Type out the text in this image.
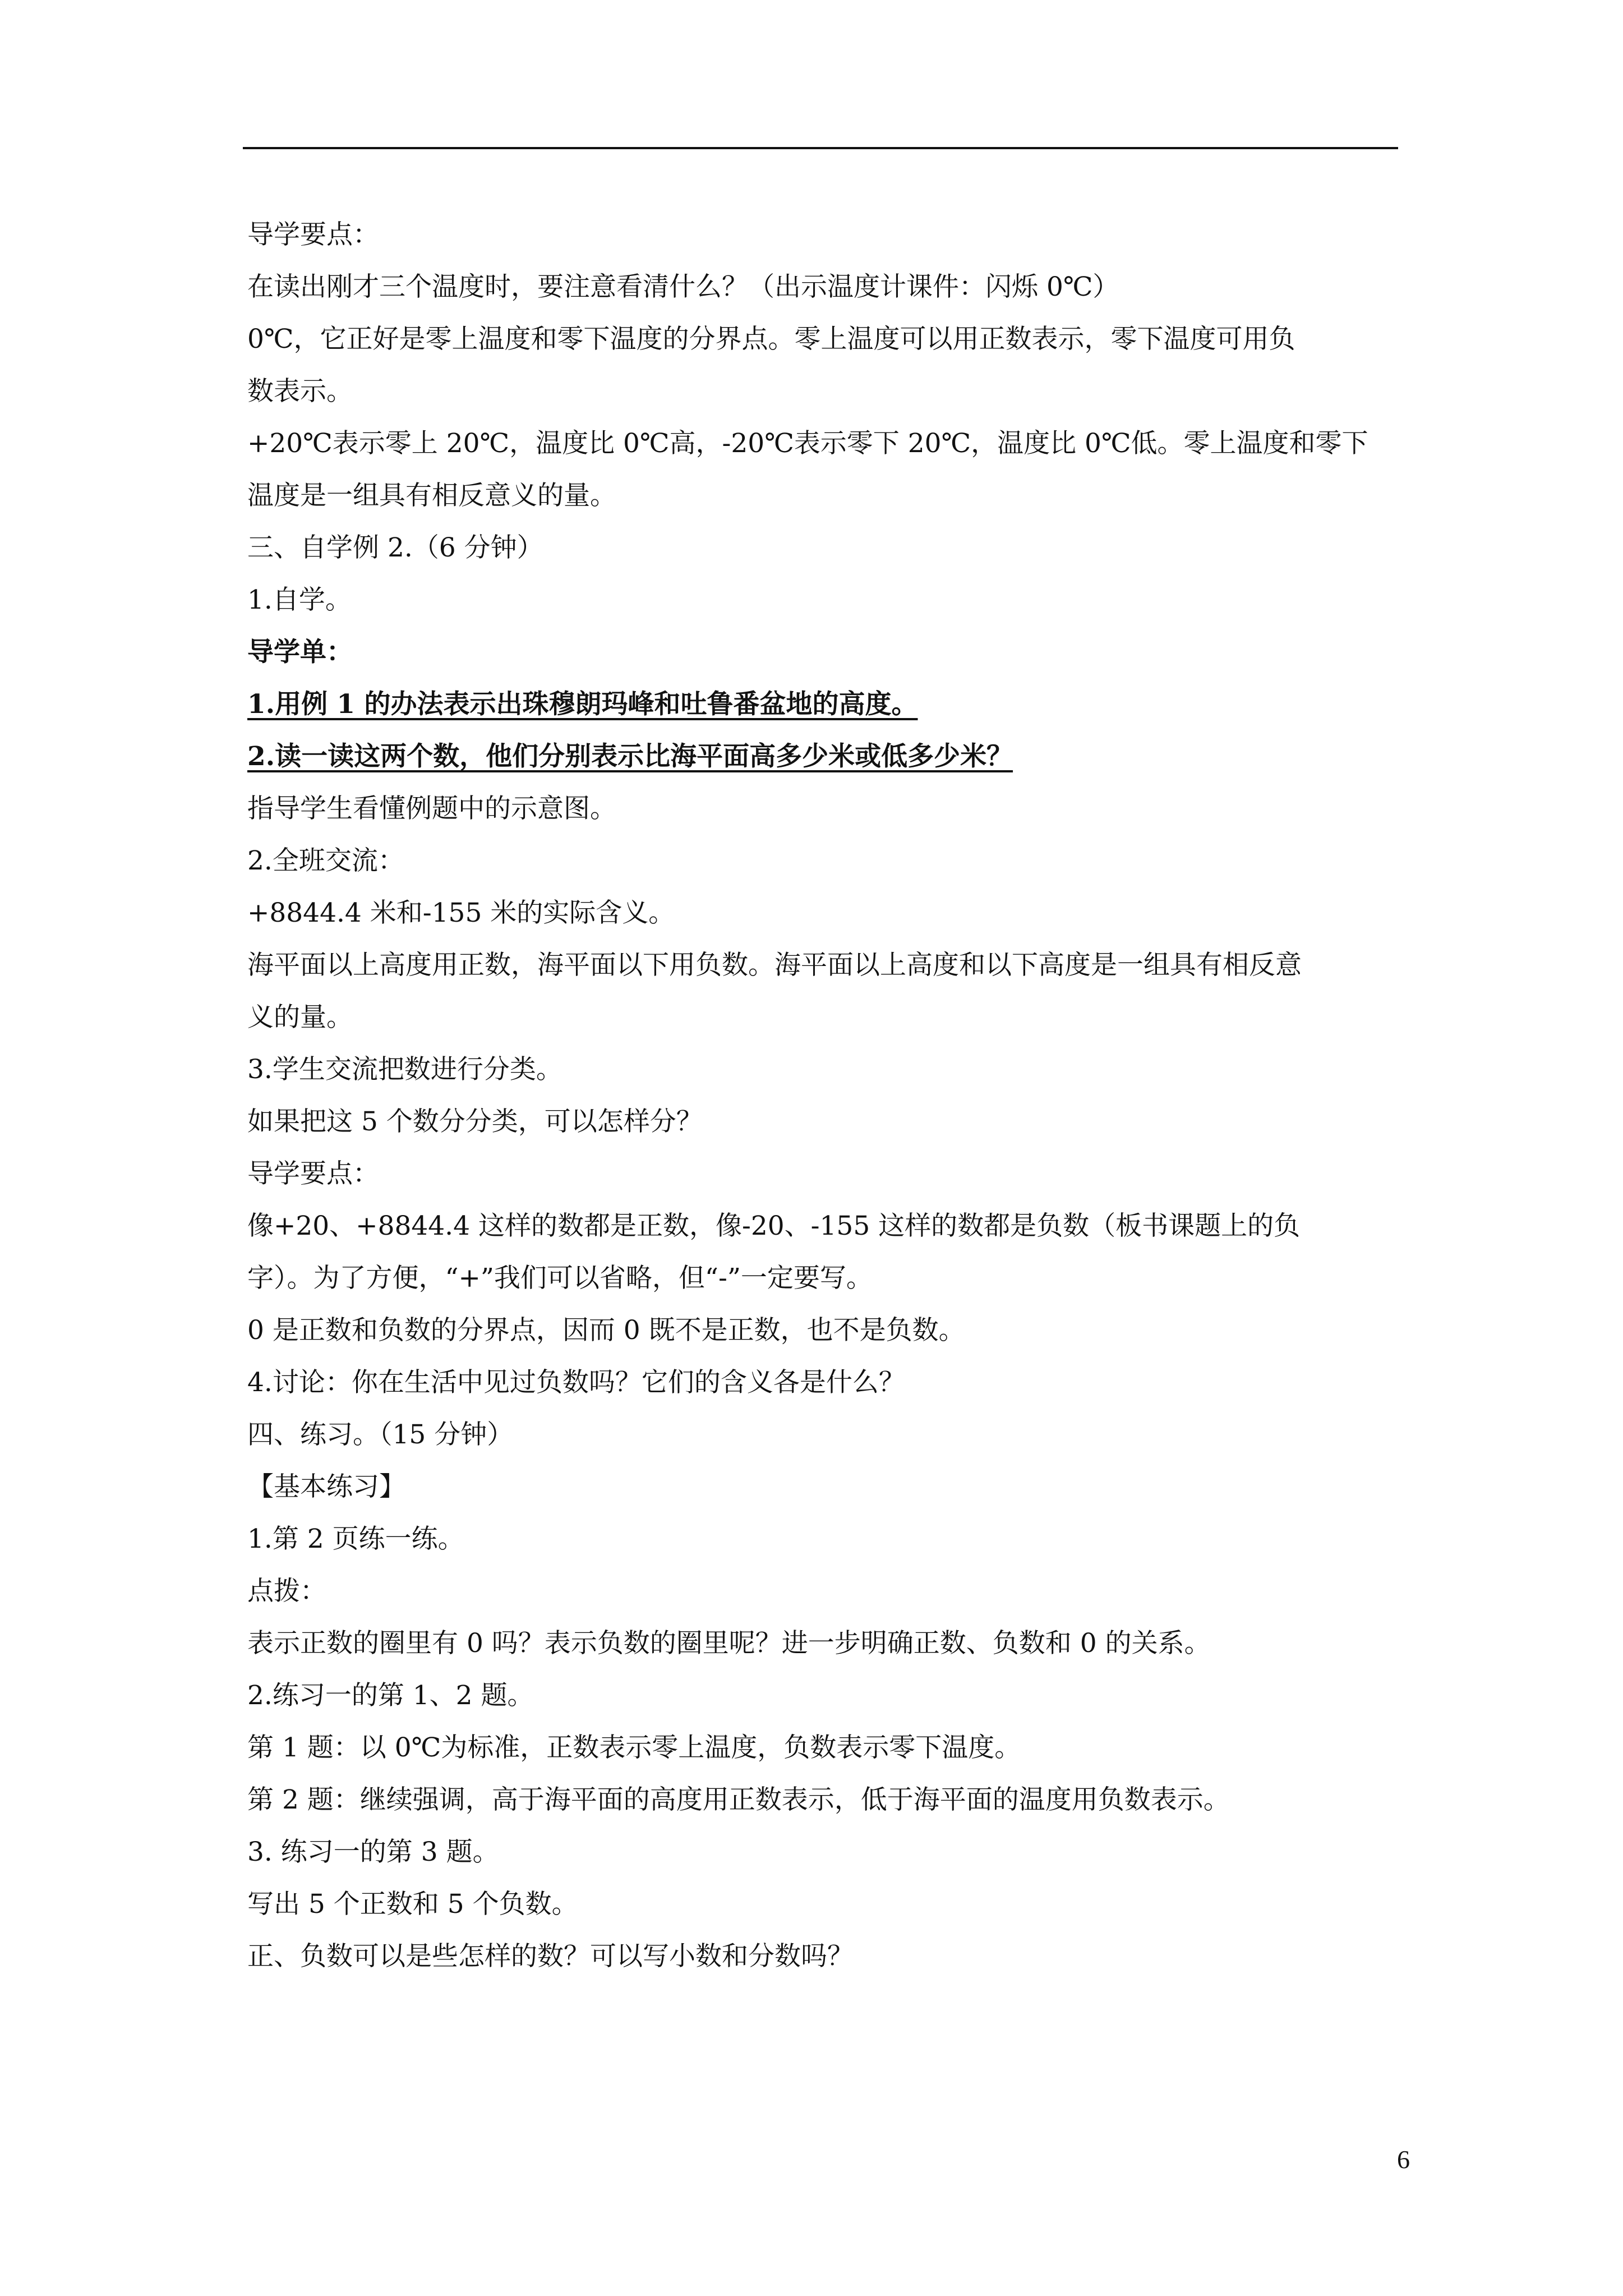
导学要点：
在读出刚才三个温度时，要注意看清什么？（出示温度计课件：闪烁 0℃）
0℃，它正好是零上温度和零下温度的分界点。零上温度可以用正数表示，零下温度可用负
数表示。
+20℃表示零上 20℃，温度比 0℃高，-20℃表示零下 20℃，温度比 0℃低。零上温度和零下
温度是一组具有相反意义的量。
三、自学例 2.（6 分钟）
1.自学。
导学单：
1.用例 1 的办法表示出珠穆朗玛峰和吐鲁番盆地的高度。
2.读一读这两个数，他们分别表示比海平面高多少米或低多少米？
指导学生看懂例题中的示意图。
2.全班交流：
+8844.4 米和-155 米的实际含义。
海平面以上高度用正数，海平面以下用负数。海平面以上高度和以下高度是一组具有相反意
义的量。
3.学生交流把数进行分类。
如果把这 5 个数分分类，可以怎样分？
导学要点：
像+20、+8844.4 这样的数都是正数，像-20、-155 这样的数都是负数（板书课题上的负
字）。为了方便，“+”我们可以省略，但“-”一定要写。
0 是正数和负数的分界点，因而 0 既不是正数，也不是负数。
4.讨论：你在生活中见过负数吗？它们的含义各是什么？
四、练习。（15 分钟）
【基本练习】
1.第 2 页练一练。
点拨：
表示正数的圈里有 0 吗？表示负数的圈里呢？进一步明确正数、负数和 0 的关系。
2.练习一的第 1、2 题。
第 1 题：以 0℃为标准，正数表示零上温度，负数表示零下温度。
第 2 题：继续强调，高于海平面的高度用正数表示，低于海平面的温度用负数表示。
3. 练习一的第 3 题。
写出 5 个正数和 5 个负数。
正、负数可以是些怎样的数？可以写小数和分数吗？
6
